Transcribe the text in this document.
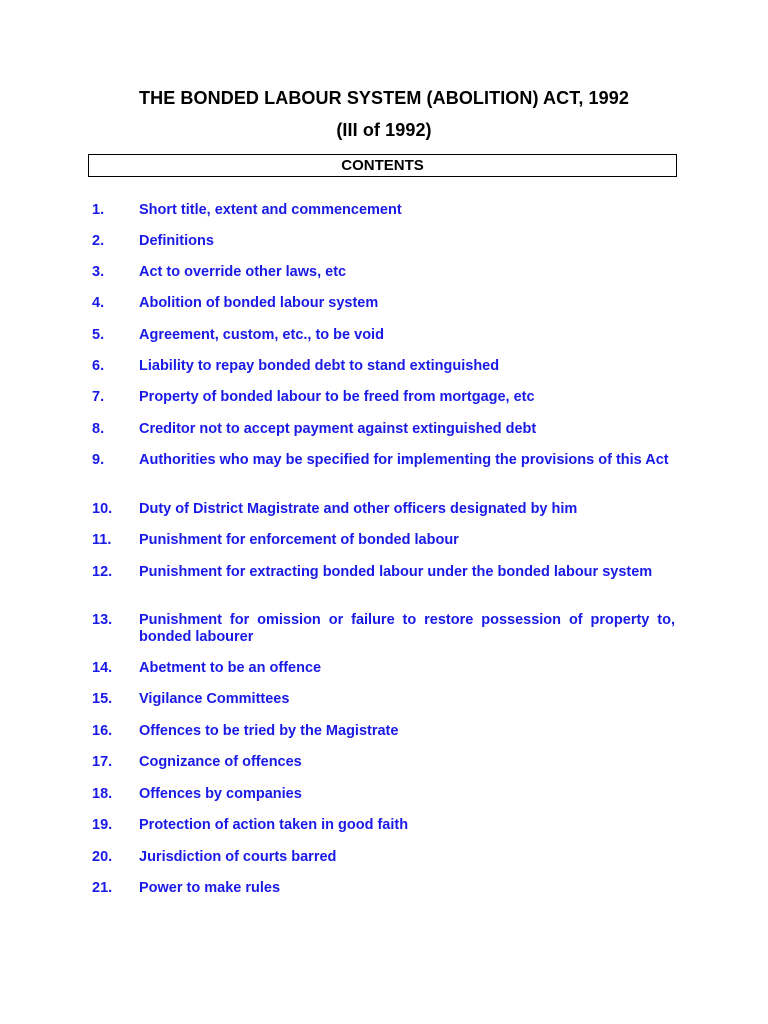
THE BONDED LABOUR SYSTEM (ABOLITION) ACT, 1992
(III of 1992)
CONTENTS
1.	Short title, extent and commencement
2.	Definitions
3.	Act to override other laws, etc
4.	Abolition of bonded labour system
5.	Agreement, custom, etc., to be void
6.	Liability to repay bonded debt to stand extinguished
7.	Property of bonded labour to be freed from mortgage, etc
8.	Creditor not to accept payment against extinguished debt
9.	Authorities who may be specified for implementing the provisions of this Act
10.	Duty of District Magistrate and other officers designated by him
11.	Punishment for enforcement of bonded labour
12.	Punishment for extracting bonded labour under the bonded labour system
13.	Punishment for omission or failure to restore possession of property to, bonded labourer
14.	Abetment to be an offence
15.	Vigilance Committees
16.	Offences to be tried by the Magistrate
17.	Cognizance of offences
18.	Offences by companies
19.	Protection of action taken in good faith
20.	Jurisdiction of courts barred
21.	Power to make rules
